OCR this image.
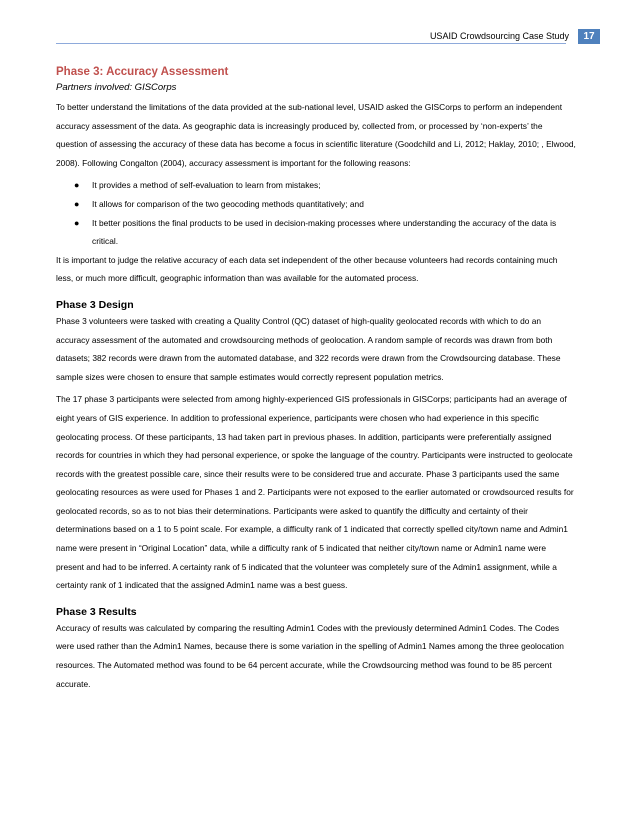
USAID Crowdsourcing Case Study	17
Phase 3: Accuracy Assessment
Partners involved: GISCorps

To better understand the limitations of the data provided at the sub-national level, USAID asked the GISCorps to perform an independent accuracy assessment of the data. As geographic data is increasingly produced by, collected from, or processed by ‘non-experts’ the question of assessing the accuracy of these data has become a focus in scientific literature (Goodchild and Li, 2012; Haklay, 2010; , Elwood, 2008). Following Congalton (2004), accuracy assessment is important for the following reasons:

● It provides a method of self-evaluation to learn from mistakes;
● It allows for comparison of the two geocoding methods quantitatively; and
● It better positions the final products to be used in decision-making processes where understanding the accuracy of the data is critical.

It is important to judge the relative accuracy of each data set independent of the other because volunteers had records containing much less, or much more difficult, geographic information than was available for the automated process.

Phase 3 Design

Phase 3 volunteers were tasked with creating a Quality Control (QC) dataset of high-quality geolocated records with which to do an accuracy assessment of the automated and crowdsourcing methods of geolocation. A random sample of records was drawn from both datasets; 382 records were drawn from the automated database, and 322 records were drawn from the Crowdsourcing database. These sample sizes were chosen to ensure that sample estimates would correctly represent population metrics.

The 17 phase 3 participants were selected from among highly-experienced GIS professionals in GISCorps; participants had an average of eight years of GIS experience. In addition to professional experience, participants were chosen who had experience in this specific geolocating process. Of these participants, 13 had taken part in previous phases. In addition, participants were preferentially assigned records for countries in which they had personal experience, or spoke the language of the country. Participants were instructed to geolocate records with the greatest possible care, since their results were to be considered true and accurate. Phase 3 participants used the same geolocating resources as were used for Phases 1 and 2. Participants were not exposed to the earlier automated or crowdsourced results for geolocated records, so as to not bias their determinations. Participants were asked to quantify the difficulty and certainty of their determinations based on a 1 to 5 point scale. For example, a difficulty rank of 1 indicated that correctly spelled city/town name and Admin1 name were present in “Original Location” data, while a difficulty rank of 5 indicated that neither city/town name or Admin1 name were present and had to be inferred. A certainty rank of 5 indicated that the volunteer was completely sure of the Admin1 assignment, while a certainty rank of 1 indicated that the assigned Admin1 name was a best guess.

Phase 3 Results

Accuracy of results was calculated by comparing the resulting Admin1 Codes with the previously determined Admin1 Codes. The Codes were used rather than the Admin1 Names, because there is some variation in the spelling of Admin1 Names among the three geolocation resources. The Automated method was found to be 64 percent accurate, while the Crowdsourcing method was found to be 85 percent accurate.
